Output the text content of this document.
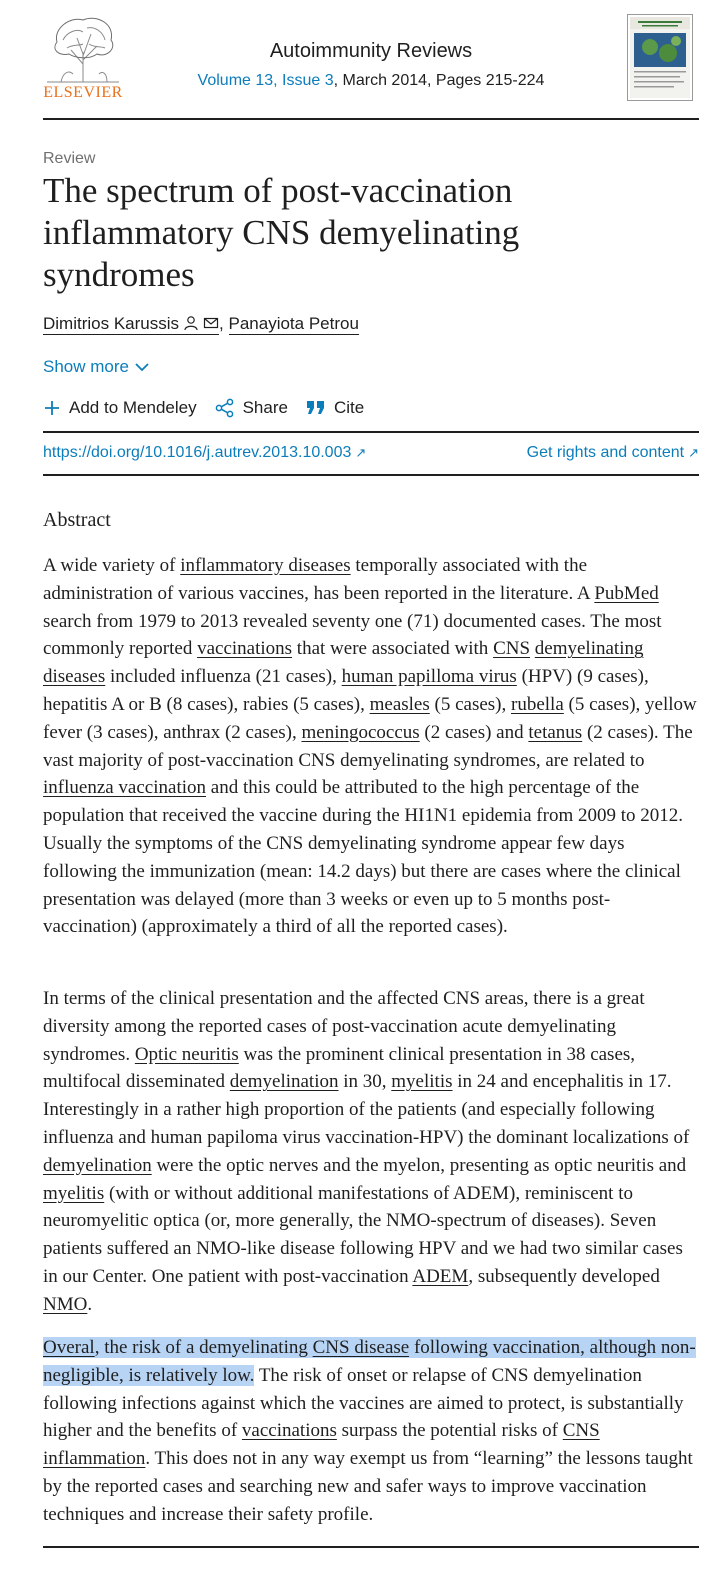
ELSEVIER
Autoimmunity Reviews
Volume 13, Issue 3, March 2014, Pages 215-224
Review
The spectrum of post-vaccination inflammatory CNS demyelinating syndromes
Dimitrios Karussis , Panayiota Petrou
Show more
Add to Mendeley	Share	Cite
https://doi.org/10.1016/j.autrev.2013.10.003 ↗	Get rights and content ↗
Abstract

A wide variety of inflammatory diseases temporally associated with the administration of various vaccines, has been reported in the literature. A PubMed search from 1979 to 2013 revealed seventy one (71) documented cases. The most commonly reported vaccinations that were associated with CNS demyelinating diseases included influenza (21 cases), human papilloma virus (HPV) (9 cases), hepatitis A or B (8 cases), rabies (5 cases), measles (5 cases), rubella (5 cases), yellow fever (3 cases), anthrax (2 cases), meningococcus (2 cases) and tetanus (2 cases). The vast majority of post-vaccination CNS demyelinating syndromes, are related to influenza vaccination and this could be attributed to the high percentage of the population that received the vaccine during the HI1N1 epidemia from 2009 to 2012. Usually the symptoms of the CNS demyelinating syndrome appear few days following the immunization (mean: 14.2 days) but there are cases where the clinical presentation was delayed (more than 3 weeks or even up to 5 months post-vaccination) (approximately a third of all the reported cases).

In terms of the clinical presentation and the affected CNS areas, there is a great diversity among the reported cases of post-vaccination acute demyelinating syndromes. Optic neuritis was the prominent clinical presentation in 38 cases, multifocal disseminated demyelination in 30, myelitis in 24 and encephalitis in 17. Interestingly in a rather high proportion of the patients (and especially following influenza and human papiloma virus vaccination-HPV) the dominant localizations of demyelination were the optic nerves and the myelon, presenting as optic neuritis and myelitis (with or without additional manifestations of ADEM), reminiscent to neuromyelitic optica (or, more generally, the NMO-spectrum of diseases). Seven patients suffered an NMO-like disease following HPV and we had two similar cases in our Center. One patient with post-vaccination ADEM, subsequently developed NMO.

Overal, the risk of a demyelinating CNS disease following vaccination, although non-negligible, is relatively low. The risk of onset or relapse of CNS demyelination following infections against which the vaccines are aimed to protect, is substantially higher and the benefits of vaccinations surpass the potential risks of CNS inflammation. This does not in any way exempt us from “learning” the lessons taught by the reported cases and searching new and safer ways to improve vaccination techniques and increase their safety profile.
